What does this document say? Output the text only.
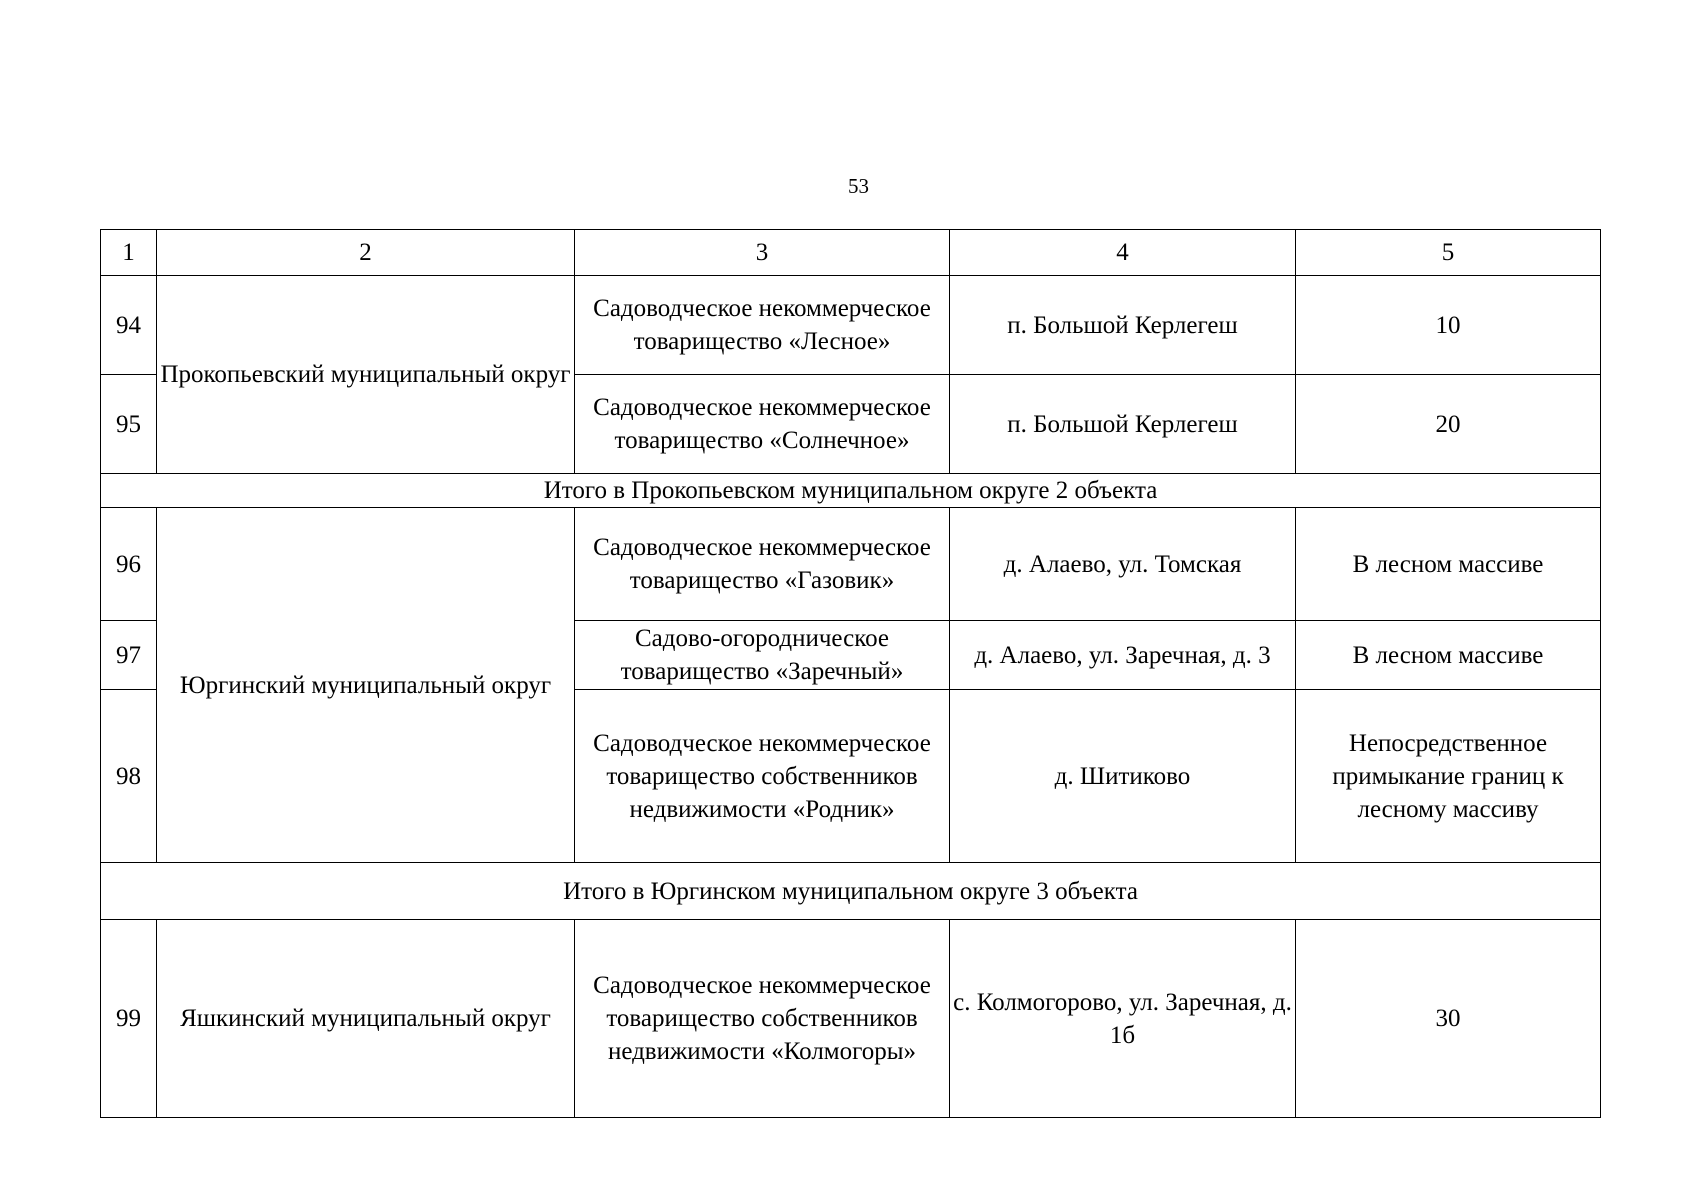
53
1	2	3	4	5
94	Прокопьевский муниципальный округ	Садоводческое некоммерческое товарищество «Лесное»	п. Большой Керлегеш	10
95		Садоводческое некоммерческое товарищество «Солнечное»	п. Большой Керлегеш	20
Итого в Прокопьевском муниципальном округе 2 объекта				
96	Юргинский муниципальный округ	Садоводческое некоммерческое товарищество «Газовик»	д. Алаево, ул. Томская	В лесном массиве
97		Садово-огородническое товарищество «Заречный»	д. Алаево, ул. Заречная, д. 3	В лесном массиве
98		Садоводческое некоммерческое товарищество собственников недвижимости «Родник»	д. Шитиково	Непосредственное примыкание границ к лесному массиву
Итого в Юргинском муниципальном округе 3 объекта				
99	Яшкинский муниципальный округ	Садоводческое некоммерческое товарищество собственников недвижимости «Колмогоры»	с. Колмогорово, ул. Заречная, д. 1б	30
